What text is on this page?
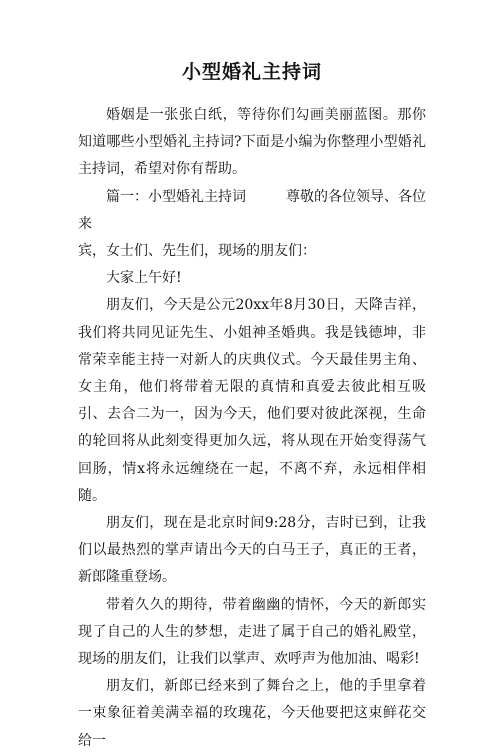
小型婚礼主持词

婚姻是一张张白纸，等待你们勾画美丽蓝图。那你知道哪些小型婚礼主持词?下面是小编为你整理小型婚礼主持词，希望对你有帮助。

篇一：小型婚礼主持词	尊敬的各位领导、各位来

宾，女士们、先生们，现场的朋友们：

大家上午好!

朋友们，今天是公元20xx年8月30日，天降吉祥，我们将共同见证先生、小姐神圣婚典。我是钱德坤，非常荣幸能主持一对新人的庆典仪式。今天最佳男主角、女主角，他们将带着无限的真情和真爱去彼此相互吸引、去合二为一，因为今天，他们要对彼此深视，生命的轮回将从此刻变得更加久远，将从现在开始变得荡气回肠，情x将永远缠绕在一起，不离不弃，永远相伴相随。

朋友们，现在是北京时间9:28分，吉时已到，让我们以最热烈的掌声请出今天的白马王子，真正的王者，新郎隆重登场。

带着久久的期待，带着幽幽的情怀，今天的新郎实现了自己的人生的梦想，走进了属于自己的婚礼殿堂，现场的朋友们，让我们以掌声、欢呼声为他加油、喝彩!

朋友们，新郎已经来到了舞台之上，他的手里拿着一束象征着美满幸福的玫瑰花，今天他要把这束鲜花交给一
